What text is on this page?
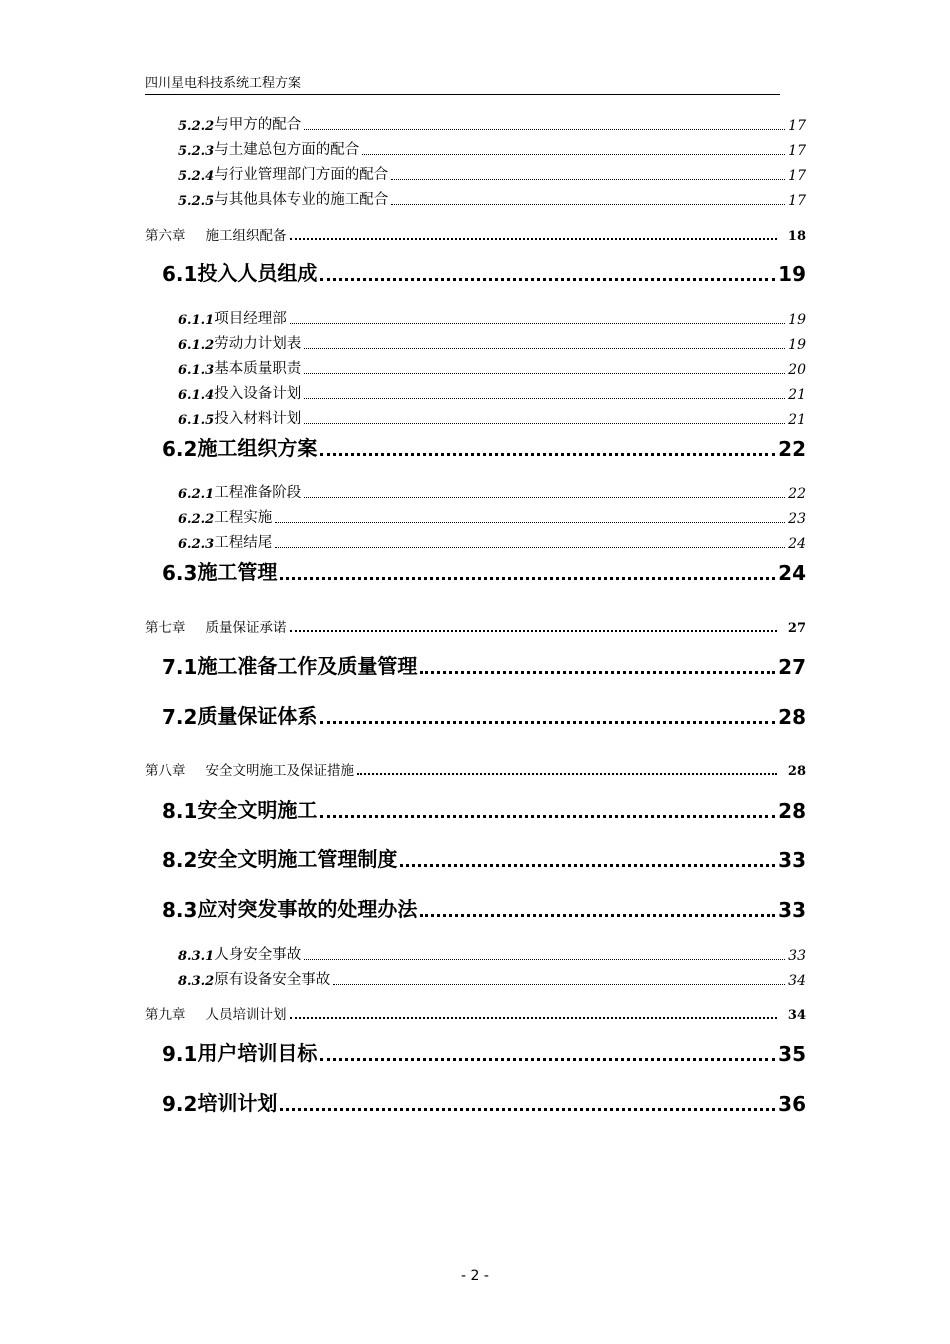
四川星电科技系统工程方案
5.2.2 与甲方的配合	17
5.2.3 与土建总包方面的配合	17
5.2.4 与行业管理部门方面的配合	17
5.2.5 与其他具体专业的施工配合	17
第六章 施工组织配备	18
6.1 投入人员组成	19
6.1.1 项目经理部	19
6.1.2 劳动力计划表	19
6.1.3 基本质量职责	20
6.1.4 投入设备计划	21
6.1.5 投入材料计划	21
6.2 施工组织方案	22
6.2.1 工程准备阶段	22
6.2.2 工程实施	23
6.2.3 工程结尾	24
6.3 施工管理	24
第七章 质量保证承诺	27
7.1 施工准备工作及质量管理	27
7.2 质量保证体系	28
第八章 安全文明施工及保证措施	28
8.1 安全文明施工	28
8.2 安全文明施工管理制度	33
8.3 应对突发事故的处理办法	33
8.3.1 人身安全事故	33
8.3.2 原有设备安全事故	34
第九章 人员培训计划	34
9.1 用户培训目标	35
9.2 培训计划	36
- 2 -
